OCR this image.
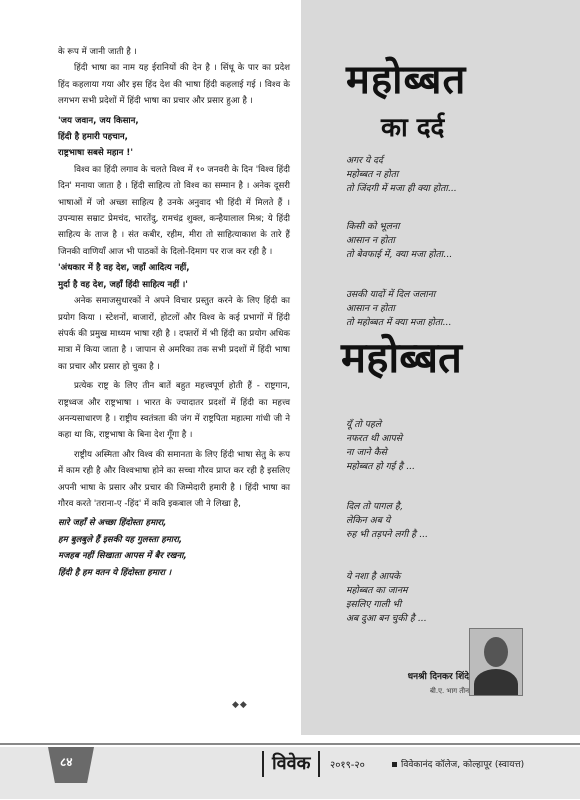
के रूप में जानी जाती है ।

हिंदी भाषा का नाम यह ईरानियों की देन है । सिंधू के पार का प्रदेश हिंद कहलाया गया और इस हिंद देश की भाषा हिंदी कहलाई गई । विश्व के लगभग सभी प्रदेशों में हिंदी भाषा का प्रचार और प्रसार हुआ है ।

'जय जवान, जय किसान,

हिंदी है हमारी पहचान,

राष्ट्रभाषा सबसे महान !'

विश्व का हिंदी लगाव के चलते विश्व में १० जनवरी के दिन 'विश्व हिंदी दिन' मनाया जाता है । हिंदी साहित्य तो विश्व का सम्मान है । अनेक दूसरी भाषाओं में जो अच्छा साहित्य है उनके अनुवाद भी हिंदी में मिलते हैं । उपन्यास सम्राट प्रेमचंद, भारतेंदु, रामचंद्र शुक्ल, कन्हैयालाल मिश्र; ये हिंदी साहित्य के ताज है । संत कबीर, रहीम, मीरा तो साहित्याकाश के तारे हैं जिनकी वाणियाँ आज भी पाठकों के दिलो-दिमाग पर राज कर रही है ।

'अंधकार में है वह देश, जहाँ आदित्य नहीं,

मुर्दा है वह देश, जहाँ हिंदी साहित्य नहीं ।'

अनेक समाजसुधारकों ने अपने विचार प्रस्तुत करने के लिए हिंदी का प्रयोग किया । स्टेशनों, बाजारों, होटलों और विश्व के कई प्रभागों में हिंदी संपर्क की प्रमुख माध्यम भाषा रही है । दफ्तरों में भी हिंदी का प्रयोग अधिक मात्रा में किया जाता है । जापान से अमरिका तक सभी प्रदशों में हिंदी भाषा का प्रचार और प्रसार हो चुका है ।

प्रत्येक राष्ट्र के लिए तीन बातें बहुत महत्त्वपूर्ण होती हैं - राष्ट्रगान, राष्ट्रध्वज और राष्ट्रभाषा । भारत के ज्यादातर प्रदशों में हिंदी का महत्त्व अनन्यसाधारण है । राष्ट्रीय स्वतंत्रता की जंग में राष्ट्रपिता महात्मा गांधी जी ने कहा था कि, राष्ट्रभाषा के बिना देश गूँगा है ।

राष्ट्रीय अस्मिता और विश्व की समानता के लिए हिंदी भाषा सेतु के रूप में काम रही है और विश्वभाषा होने का सच्चा गौरव प्राप्त कर रही है इसलिए अपनी भाषा के प्रसार और प्रचार की जिम्मेदारी हमारी है । हिंदी भाषा का गौरव करते 'तराना-ए -हिंद' में कवि इकबाल जी ने लिखा है,

सारे जहाँ से अच्छा हिंदोस्ता हमारा,

हम बुलबुले हैं इसकी यह गुलस्ता हमारा,

मजहब नहीं सिखाता आपस में बैर रखना,

हिंदी है हम वतन ये हिंदोस्ता हमारा ।

◆◆
महोब्बत
का दर्द
अगर ये दर्द
महोब्बत न होता
तो जिंदगी में मजा ही क्या होता...
किसी को भूलना
आसान न होता
तो बेवफाई में, क्या मजा होता...
उसकी यादों में दिल जलाना
आसान न होता
तो महोब्बत में क्या मजा होता...
महोब्बत
यूँ तो पहले
नफरत थी आपसे
ना जाने कैसे
महोब्बत हो गई है ...
दिल तो पागल है,
लेकिन अब ये
रुह भी तड़पने लगी है ...
ये नशा है आपके
महोब्बत का जानम
इसलिए गाली भी
अब दुआ बन चुकी है ...
धनश्री दिनकर शिंदे
बी.ए. भाग तीन
८४	विवेक २०१९-२०	विवेकानंद कॉलेज, कोल्हापूर (स्वायत्त)
